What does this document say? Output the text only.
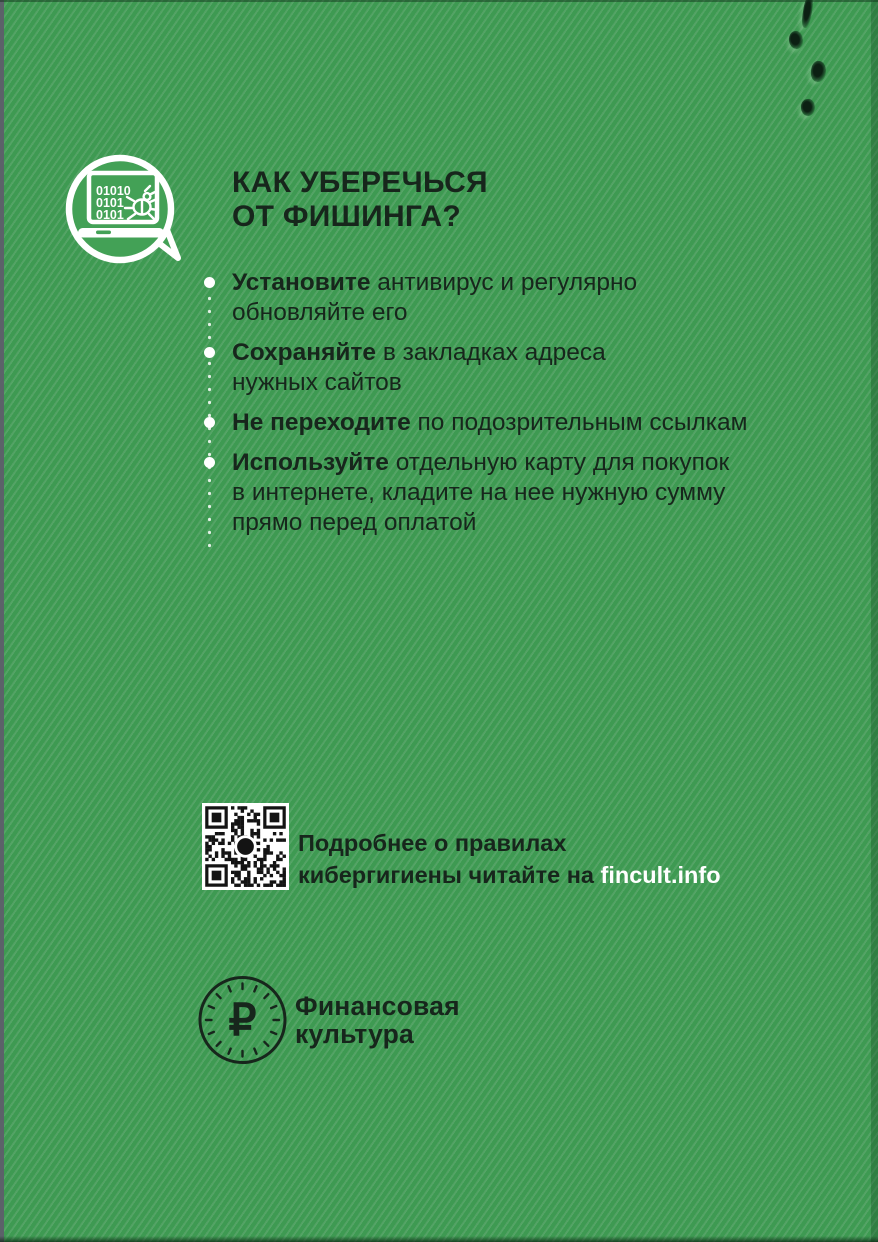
01010
0101
0101
КАК УБЕРЕЧЬСЯ
ОТ ФИШИНГА?
Установите антивирус и регулярно
обновляйте его
Сохраняйте в закладках адреса
нужных сайтов
Не переходите по подозрительным ссылкам
Используйте отдельную карту для покупок
в интернете, кладите на нее нужную сумму
прямо перед оплатой

Подробнее о правилах
кибергигиены читайте на fincult.info

₽ Финансовая
культура
